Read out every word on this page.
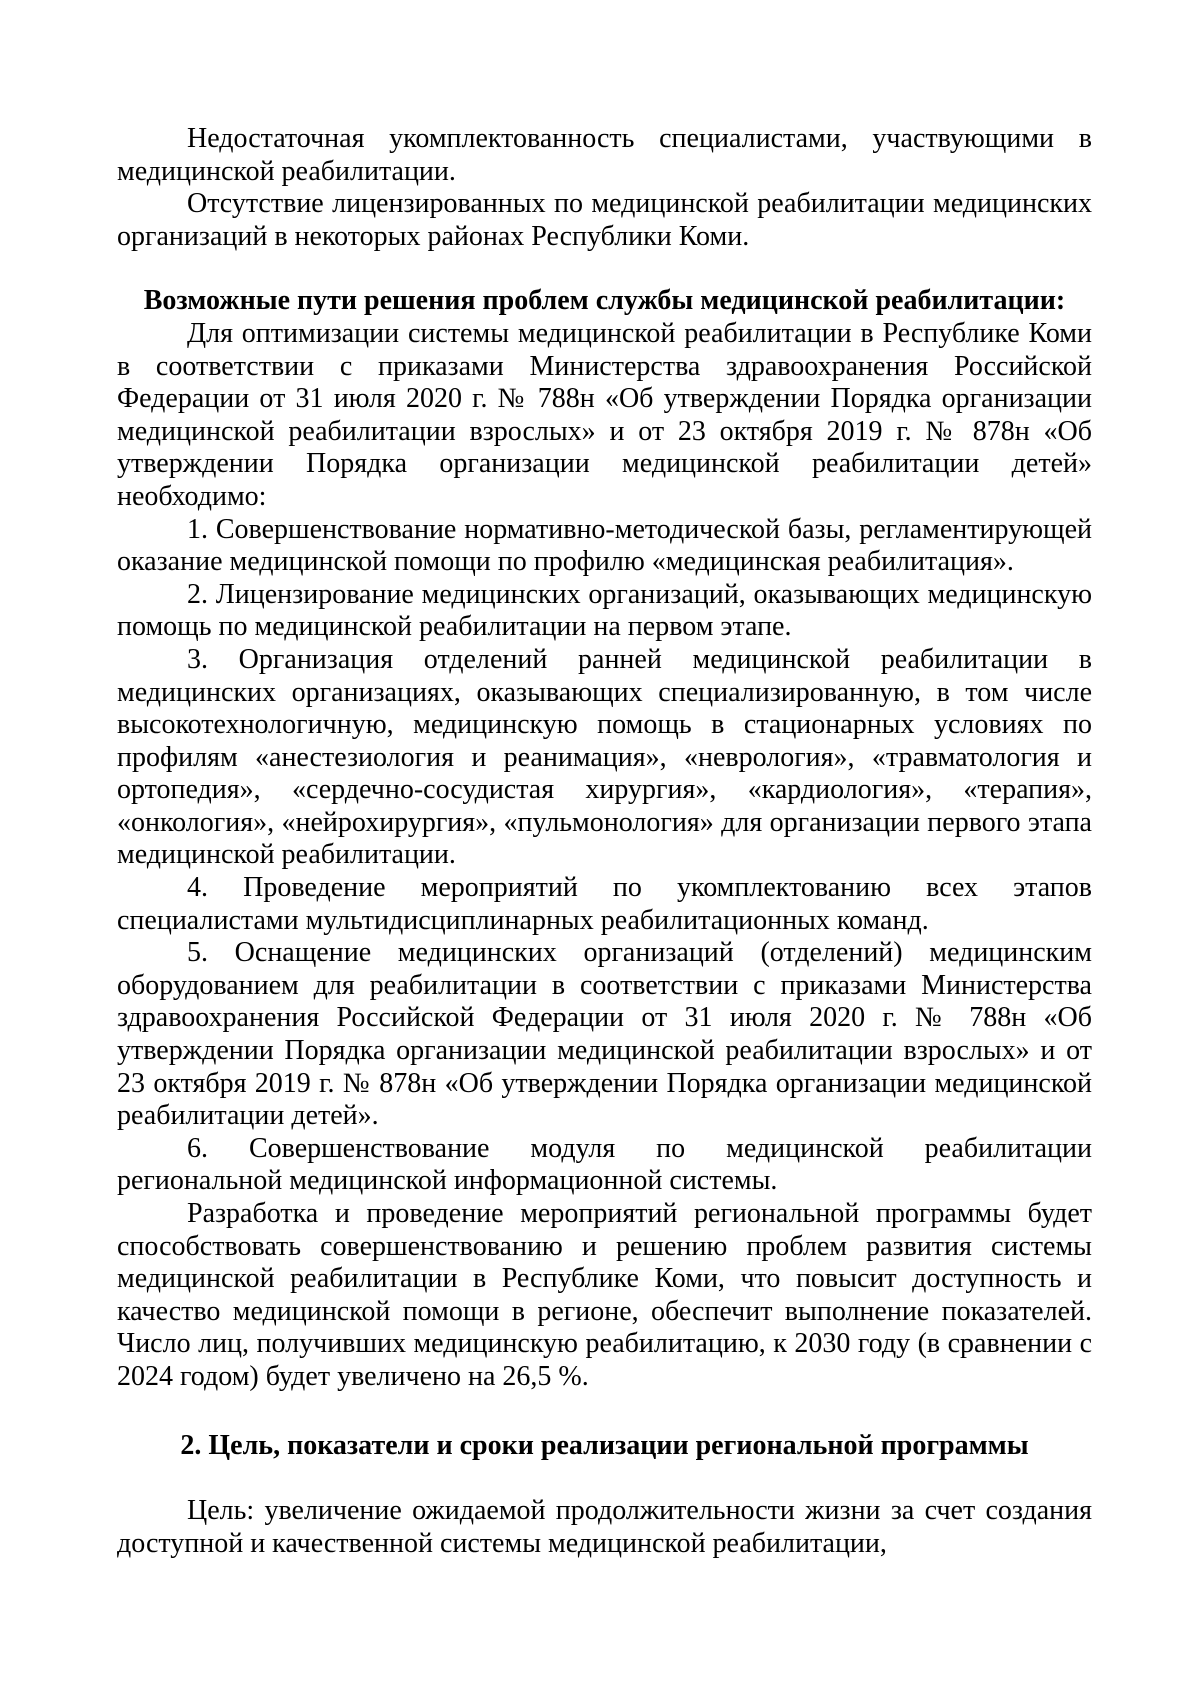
Недостаточная укомплектованность специалистами, участвующими в медицинской реабилитации.

Отсутствие лицензированных по медицинской реабилитации медицинских организаций в некоторых районах Республики Коми.

Возможные пути решения проблем службы медицинской реабилитации:

Для оптимизации системы медицинской реабилитации в Республике Коми в соответствии с приказами Министерства здравоохранения Российской Федерации от 31 июля 2020 г. № 788н «Об утверждении Порядка организации медицинской реабилитации взрослых» и от 23 октября 2019 г. № 878н «Об утверждении Порядка организации медицинской реабилитации детей» необходимо:

1. Совершенствование нормативно-методической базы, регламентирующей оказание медицинской помощи по профилю «медицинская реабилитация».

2. Лицензирование медицинских организаций, оказывающих медицинскую помощь по медицинской реабилитации на первом этапе.

3. Организация отделений ранней медицинской реабилитации в медицинских организациях, оказывающих специализированную, в том числе высокотехнологичную, медицинскую помощь в стационарных условиях по профилям «анестезиология и реанимация», «неврология», «травматология и ортопедия», «сердечно-сосудистая хирургия», «кардиология», «терапия», «онкология», «нейрохирургия», «пульмонология» для организации первого этапа медицинской реабилитации.

4. Проведение мероприятий по укомплектованию всех этапов специалистами мультидисциплинарных реабилитационных команд.

5. Оснащение медицинских организаций (отделений) медицинским оборудованием для реабилитации в соответствии с приказами Министерства здравоохранения Российской Федерации от 31 июля 2020 г. № 788н «Об утверждении Порядка организации медицинской реабилитации взрослых» и от 23 октября 2019 г. № 878н «Об утверждении Порядка организации медицинской реабилитации детей».

6. Совершенствование модуля по медицинской реабилитации региональной медицинской информационной системы.

Разработка и проведение мероприятий региональной программы будет способствовать совершенствованию и решению проблем развития системы медицинской реабилитации в Республике Коми, что повысит доступность и качество медицинской помощи в регионе, обеспечит выполнение показателей. Число лиц, получивших медицинскую реабилитацию, к 2030 году (в сравнении с 2024 годом) будет увеличено на 26,5 %.

2. Цель, показатели и сроки реализации региональной программы

Цель: увеличение ожидаемой продолжительности жизни за счет создания доступной и качественной системы медицинской реабилитации,
